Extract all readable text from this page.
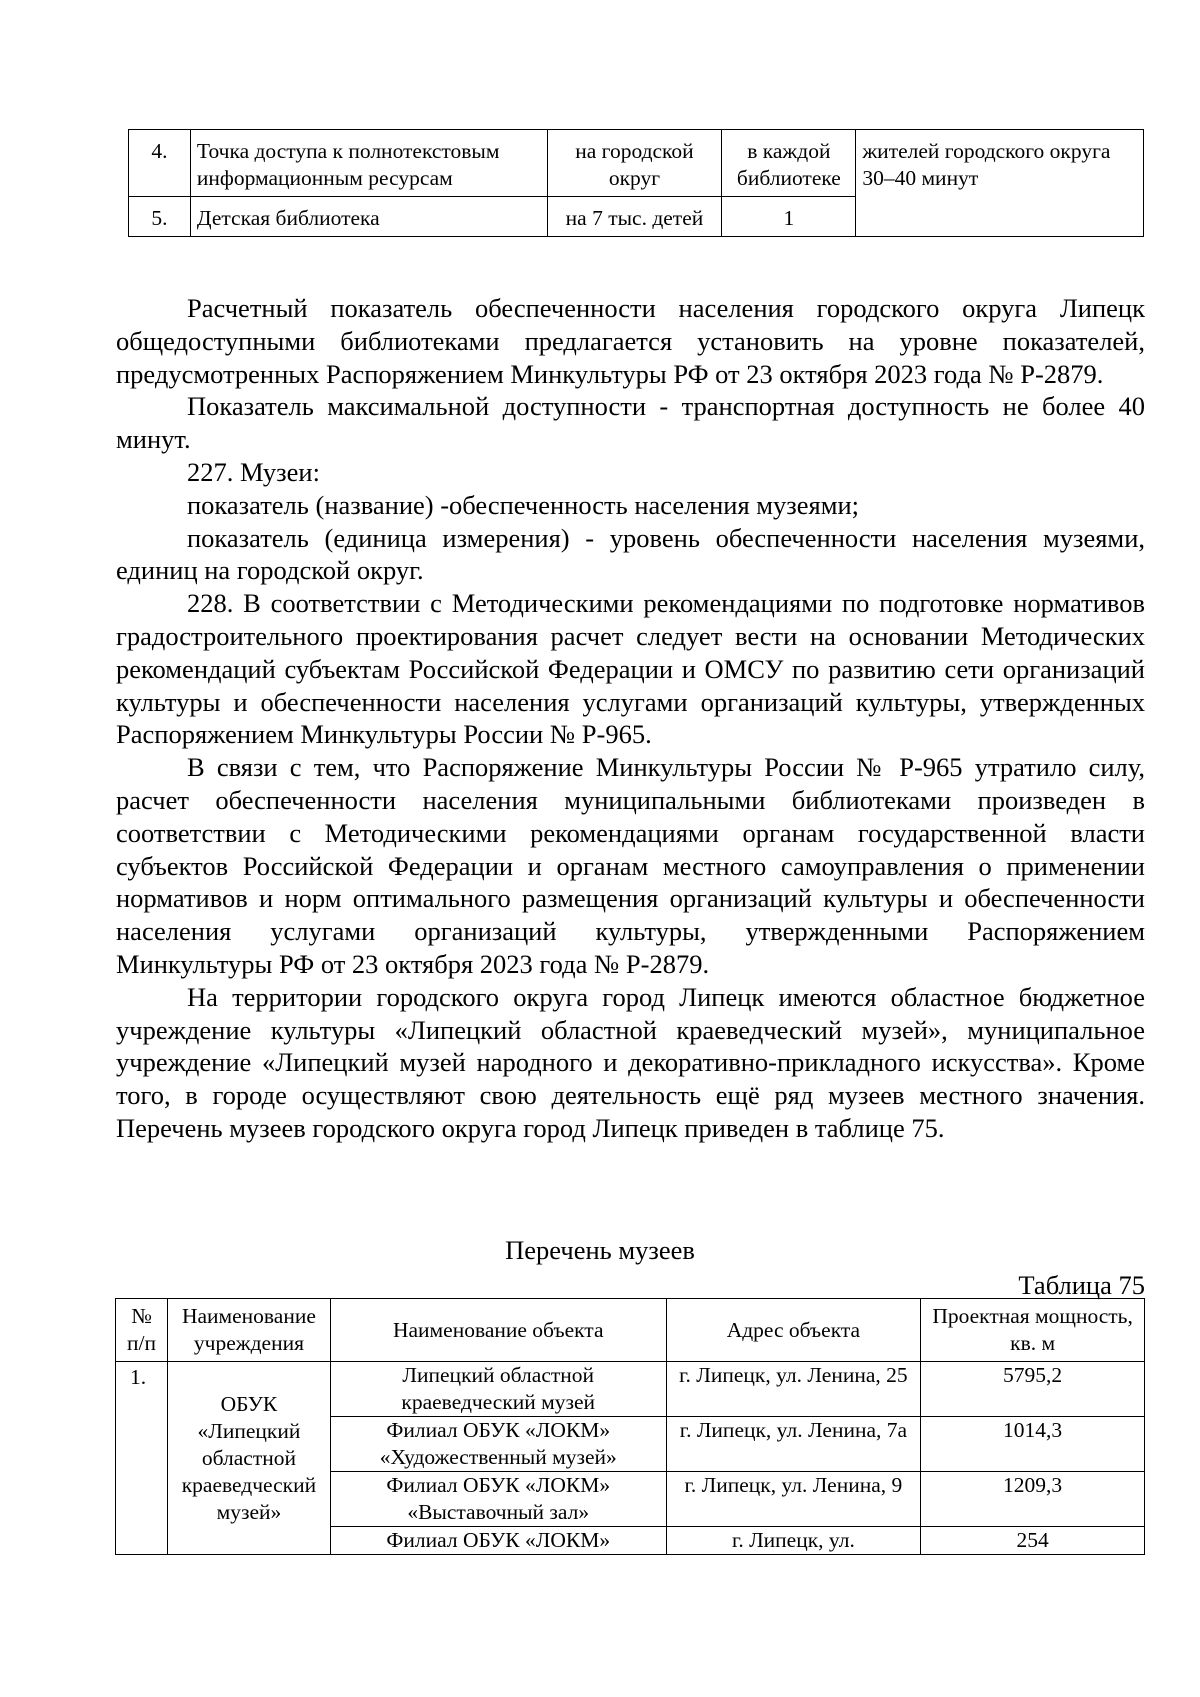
4.	Точка доступа к полнотекстовым информационным ресурсам	на городской округ	в каждой библиотеке	жителей городского округа 30–40 минут
5.	Детская библиотека	на 7 тыс. детей	1	

Расчетный показатель обеспеченности населения городского округа Липецк общедоступными библиотеками предлагается установить на уровне показателей, предусмотренных Распоряжением Минкультуры РФ от 23 октября 2023 года № Р-2879.

Показатель максимальной доступности - транспортная доступность не более 40 минут.

227. Музеи:

показатель (название) -обеспеченность населения музеями;

показатель (единица измерения) - уровень обеспеченности населения музеями, единиц на городской округ.

228. В соответствии с Методическими рекомендациями по подготовке нормативов градостроительного проектирования расчет следует вести на основании Методических рекомендаций субъектам Российской Федерации и ОМСУ по развитию сети организаций культуры и обеспеченности населения услугами организаций культуры, утвержденных Распоряжением Минкультуры России № Р-965.

В связи с тем, что Распоряжение Минкультуры России № Р-965 утратило силу, расчет обеспеченности населения муниципальными библиотеками произведен в соответствии с Методическими рекомендациями органам государственной власти субъектов Российской Федерации и органам местного самоуправления о применении нормативов и норм оптимального размещения организаций культуры и обеспеченности населения услугами организаций культуры, утвержденными Распоряжением Минкультуры РФ от 23 октября 2023 года № Р-2879.

На территории городского округа город Липецк имеются областное бюджетное учреждение культуры «Липецкий областной краеведческий музей», муниципальное учреждение «Липецкий музей народного и декоративно-прикладного искусства». Кроме того, в городе осуществляют свою деятельность ещё ряд музеев местного значения. Перечень музеев городского округа город Липецк приведен в таблице 75.

Перечень музеев
Таблица 75
№ п/п	Наименование учреждения	Наименование объекта	Адрес объекта	Проектная мощность, кв. м
1.	ОБУК «Липецкий областной краеведческий музей»	Липецкий областной краеведческий музей	г. Липецк, ул. Ленина, 25	5795,2
		Филиал ОБУК «ЛОКМ» «Художественный музей»	г. Липецк, ул. Ленина, 7а	1014,3
		Филиал ОБУК «ЛОКМ» «Выставочный зал»	г. Липецк, ул. Ленина, 9	1209,3
		Филиал ОБУК «ЛОКМ»	г. Липецк, ул.	254
